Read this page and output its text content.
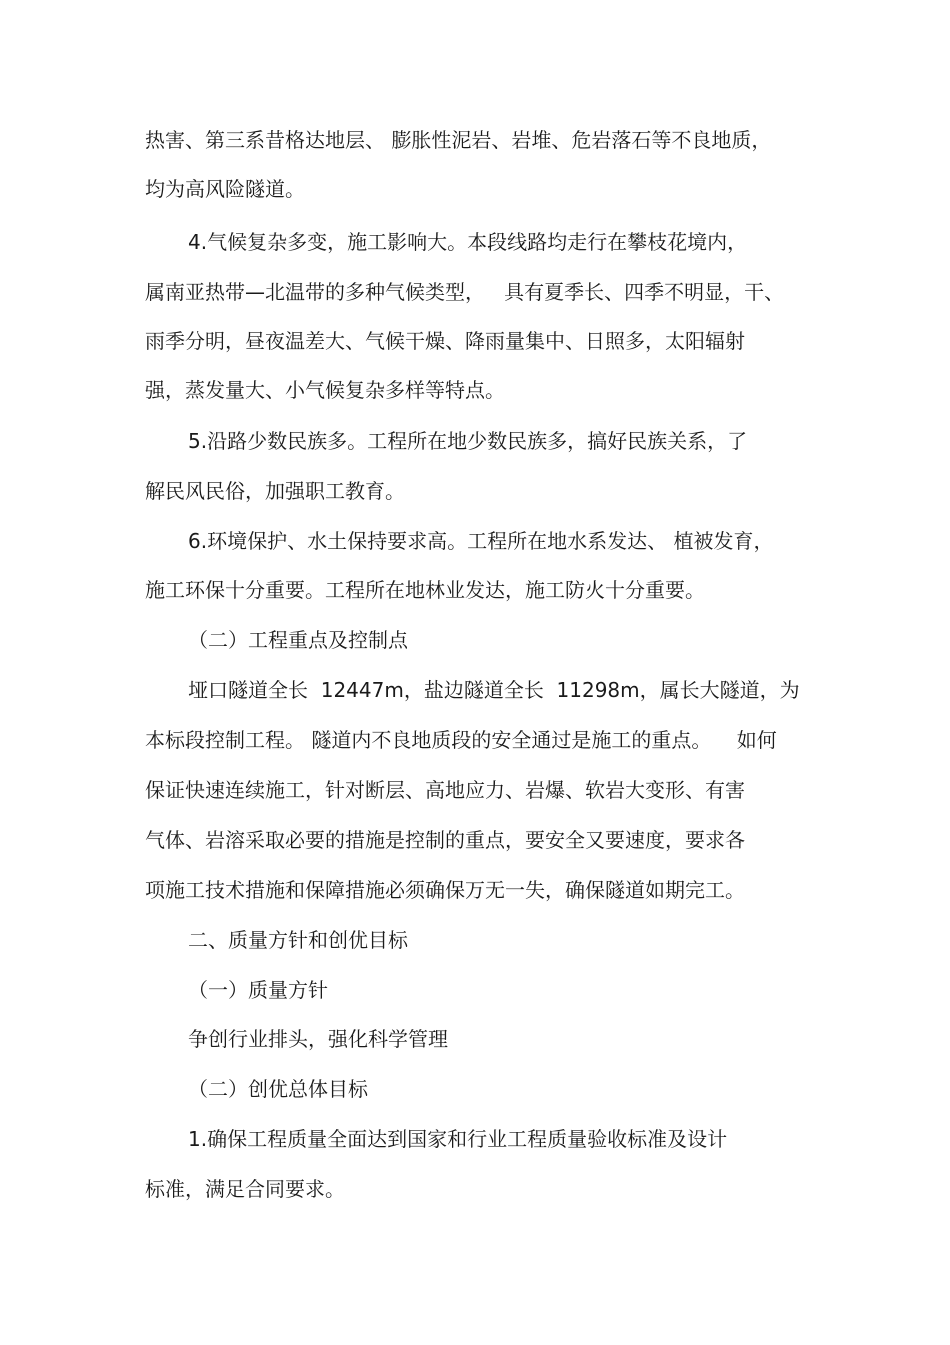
热害、第三系昔格达地层、 膨胀性泥岩、岩堆、危岩落石等不良地质，
均为高风险隧道。
4.气候复杂多变，施工影响大。本段线路均走行在攀枝花境内，
属南亚热带—北温带的多种气候类型，   具有夏季长、四季不明显，干、
雨季分明，昼夜温差大、气候干燥、降雨量集中、日照多，太阳辐射
强，蒸发量大、小气候复杂多样等特点。
5.沿路少数民族多。工程所在地少数民族多，搞好民族关系，了
解民风民俗，加强职工教育。
6.环境保护、水土保持要求高。工程所在地水系发达、 植被发育，
施工环保十分重要。工程所在地林业发达，施工防火十分重要。
（二）工程重点及控制点
垭口隧道全长  12447m，盐边隧道全长  11298m，属长大隧道，为
本标段控制工程。 隧道内不良地质段的安全通过是施工的重点。    如何
保证快速连续施工，针对断层、高地应力、岩爆、软岩大变形、有害
气体、岩溶采取必要的措施是控制的重点，要安全又要速度，要求各
项施工技术措施和保障措施必须确保万无一失，确保隧道如期完工。
二、质量方针和创优目标
（一）质量方针
争创行业排头，强化科学管理
（二）创优总体目标
1.确保工程质量全面达到国家和行业工程质量验收标准及设计
标准，满足合同要求。
